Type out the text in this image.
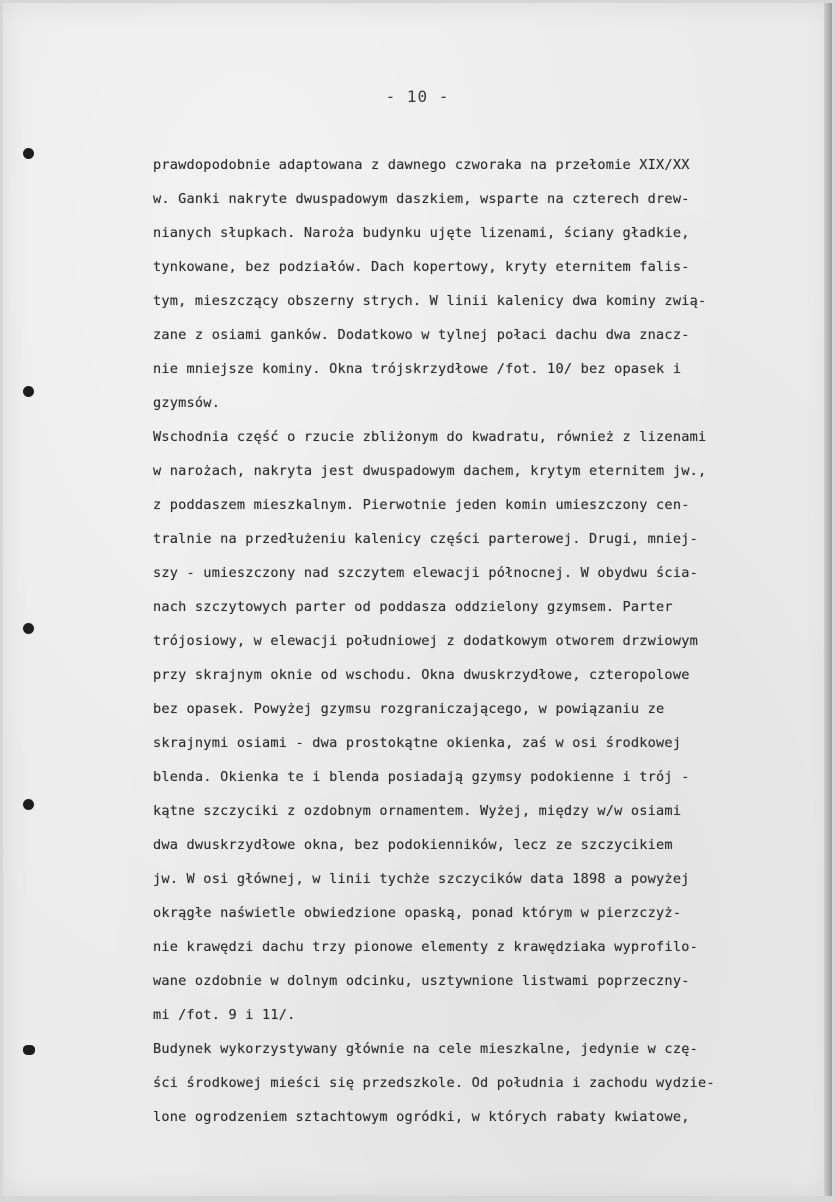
- 10 -
prawdopodobnie adaptowana z dawnego czworaka na przełomie XIX/XX
w. Ganki nakryte dwuspadowym daszkiem, wsparte na czterech drew-
nianych słupkach. Naroża budynku ujęte lizenami, ściany gładkie,
tynkowane, bez podziałów. Dach kopertowy, kryty eternitem falis-
tym, mieszczący obszerny strych. W linii kalenicy dwa kominy zwią-
zane z osiami ganków. Dodatkowo w tylnej połaci dachu dwa znacz-
nie mniejsze kominy. Okna trójskrzydłowe /fot. 10/ bez opasek i
gzymsów.
Wschodnia część o rzucie zbliżonym do kwadratu, również z lizenami
w narożach, nakryta jest dwuspadowym dachem, krytym eternitem jw.,
z poddaszem mieszkalnym. Pierwotnie jeden komin umieszczony cen-
tralnie na przedłużeniu kalenicy części parterowej. Drugi, mniej-
szy - umieszczony nad szczytem elewacji północnej. W obydwu ścia-
nach szczytowych parter od poddasza oddzielony gzymsem. Parter
trójosiowy, w elewacji południowej z dodatkowym otworem drzwiowym
przy skrajnym oknie od wschodu. Okna dwuskrzydłowe, czteropolowe
bez opasek. Powyżej gzymsu rozgraniczającego, w powiązaniu ze
skrajnymi osiami - dwa prostokątne okienka, zaś w osi środkowej
blenda. Okienka te i blenda posiadają gzymsy podokienne i trój -
kątne szczyciki z ozdobnym ornamentem. Wyżej, między w/w osiami
dwa dwuskrzydłowe okna, bez podokienników, lecz ze szczycikiem
jw. W osi głównej, w linii tychże szczycików data 1898 a powyżej
okrągłe naświetle obwiedzione opaską, ponad którym w pierzczyż-
nie krawędzi dachu trzy pionowe elementy z krawędziaka wyprofilo-
wane ozdobnie w dolnym odcinku, usztywnione listwami poprzeczny-
mi /fot. 9 i 11/.
Budynek wykorzystywany głównie na cele mieszkalne, jedynie w czę-
ści środkowej mieści się przedszkole. Od południa i zachodu wydzie-
lone ogrodzeniem sztachtowym ogródki, w których rabaty kwiatowe,
